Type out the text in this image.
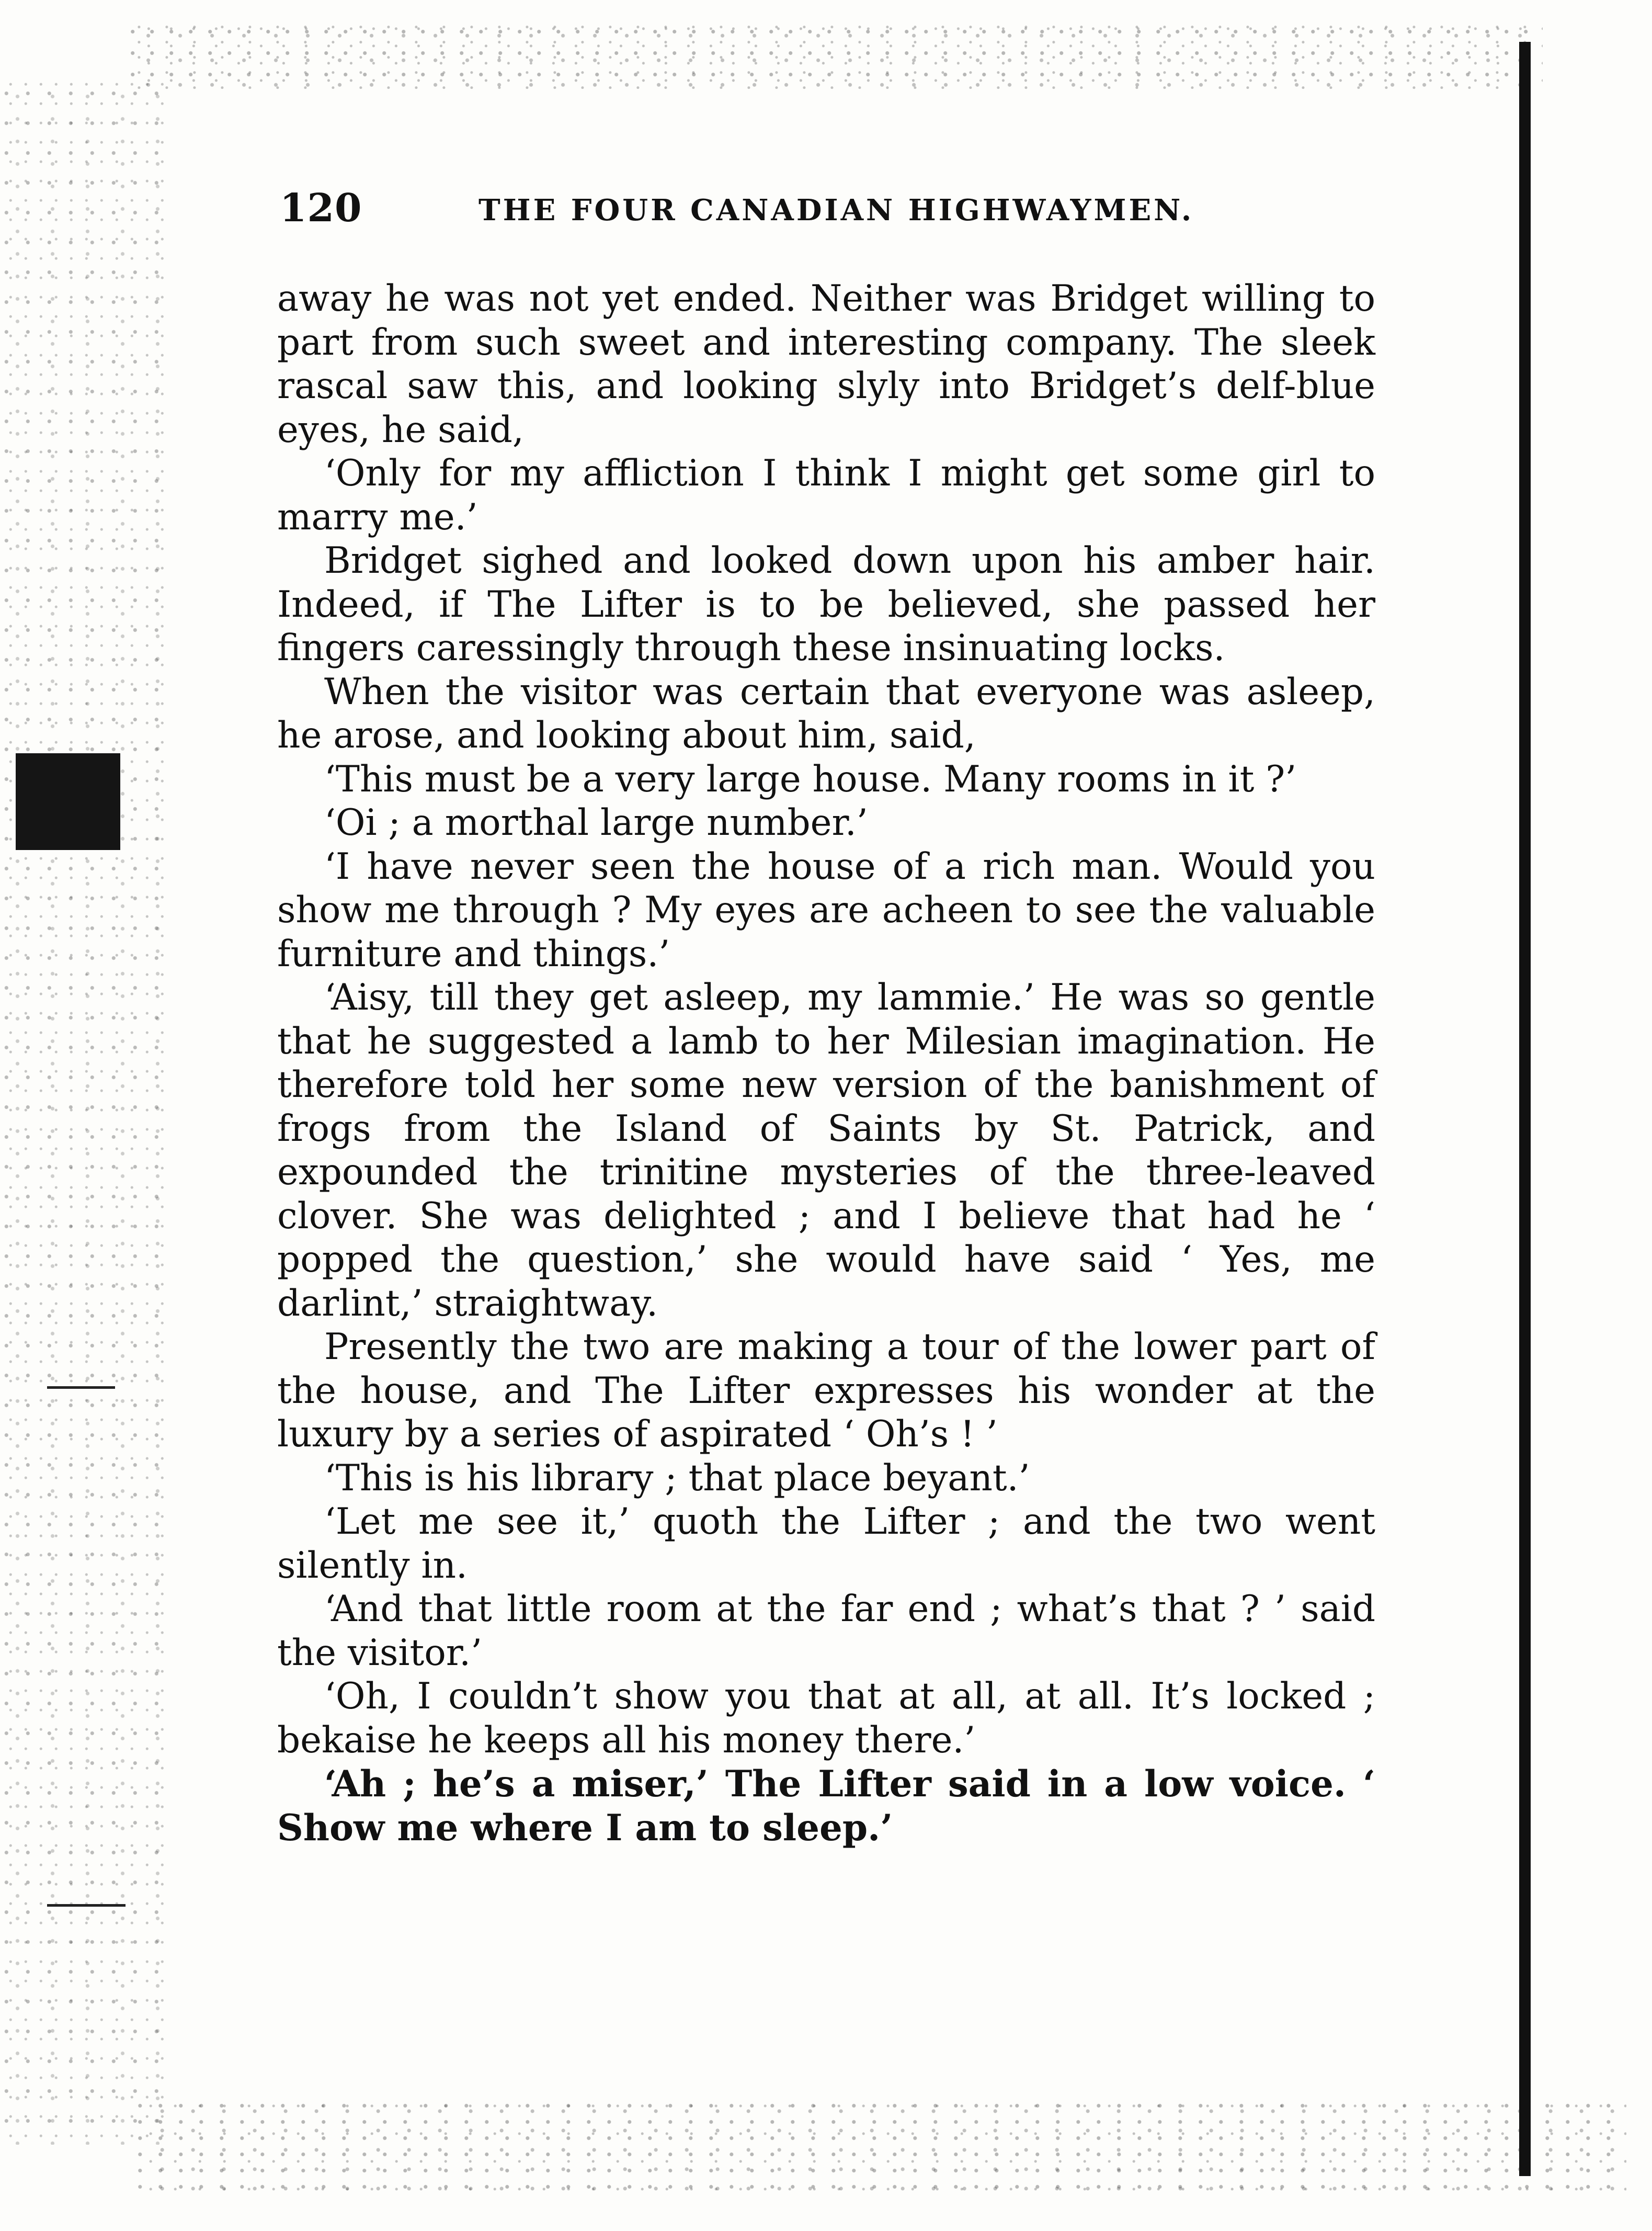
120	THE FOUR CANADIAN HIGHWAYMEN.

away he was not yet ended. Neither was Bridget willing to part from such sweet and interesting company. The sleek rascal saw this, and looking slyly into Bridget’s delf-blue eyes, he said,

‘Only for my affliction I think I might get some girl to marry me.’

Bridget sighed and looked down upon his amber hair. Indeed, if The Lifter is to be believed, she passed her fingers caressingly through these insinuating locks.

When the visitor was certain that everyone was asleep, he arose, and looking about him, said,

‘This must be a very large house. Many rooms in it ?’

‘Oi ; a morthal large number.’

‘I have never seen the house of a rich man. Would you show me through ? My eyes are acheen to see the valuable furniture and things.’

‘Aisy, till they get asleep, my lammie.’ He was so gentle that he suggested a lamb to her Milesian imagination. He therefore told her some new version of the banishment of frogs from the Island of Saints by St. Patrick, and expounded the trinitine mysteries of the three-leaved clover. She was delighted ; and I believe that had he ‘ popped the question,’ she would have said ‘ Yes, me darlint,’ straightway.

Presently the two are making a tour of the lower part of the house, and The Lifter expresses his wonder at the luxury by a series of aspirated ‘ Oh’s ! ’

‘This is his library ; that place beyant.’

‘Let me see it,’ quoth the Lifter ; and the two went silently in.

‘And that little room at the far end ; what’s that ? ’ said the visitor.’

‘Oh, I couldn’t show you that at all, at all. It’s locked ; bekaise he keeps all his money there.’

‘Ah ; he’s a miser,’ The Lifter said in a low voice. ‘ Show me where I am to sleep.’
